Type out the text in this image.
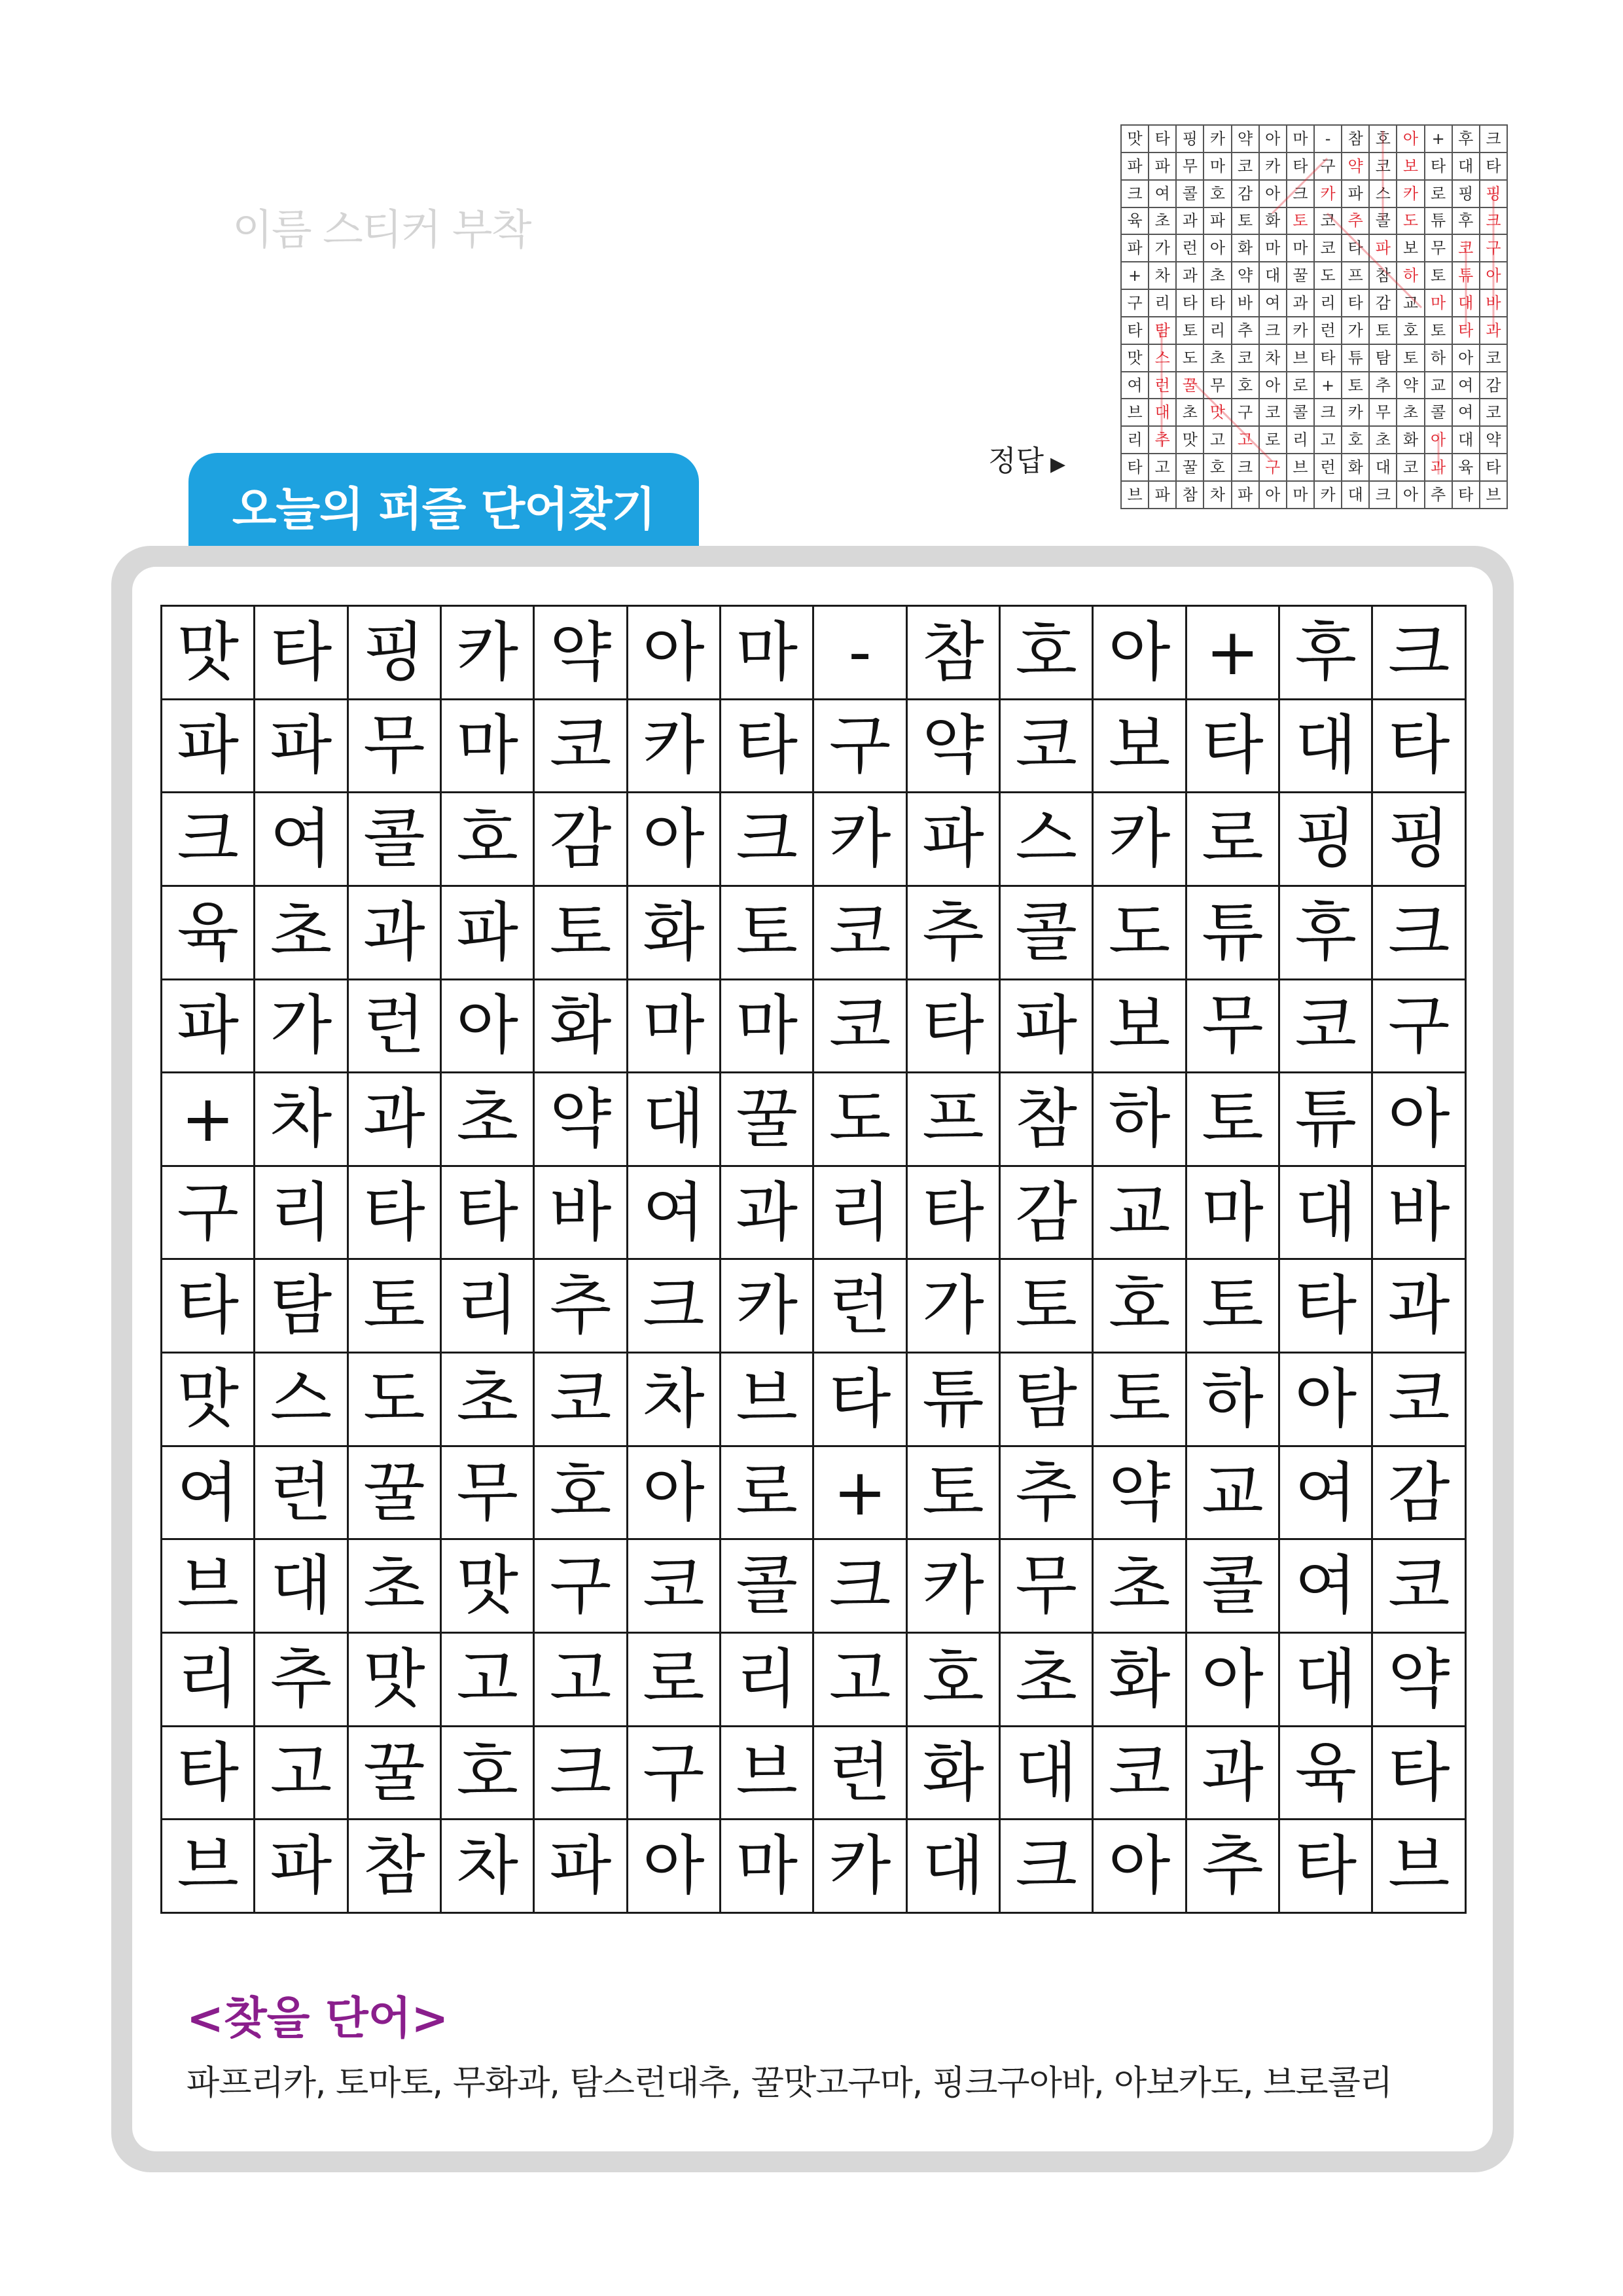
이름 스티커 부착
정답 ▶
맛	타	핑	카	약	아	마	-	참	호	아	+	후	크
파	파	무	마	코	카	타	구	약	코	보	타	대	타
크	여	콜	호	감	아	크	카	파	스	카	로	핑	핑
육	초	과	파	토	화	토	코	추	콜	도	튜	후	크
파	가	런	아	화	마	마	코	타	파	보	무	코	구
+	차	과	초	약	대	꿀	도	프	참	하	토	튜	아
구	리	타	타	바	여	과	리	타	감	교	마	대	바
타	탐	토	리	추	크	카	런	가	토	호	토	타	과
맛	스	도	초	코	차	브	타	튜	탐	토	하	아	코
여	런	꿀	무	호	아	로	+	토	추	약	교	여	감
브	대	초	맛	구	코	콜	크	카	무	초	콜	여	코
리	추	맛	고	고	로	리	고	호	초	화	아	대	약
타	고	꿀	호	크	구	브	런	화	대	코	과	육	타
브	파	참	차	파	아	마	카	대	크	아	추	타	브
오늘의 퍼즐 단어찾기
맛	타	핑	카	약	아	마	-	참	호	아	+	후	크
파	파	무	마	코	카	타	구	약	코	보	타	대	타
크	여	콜	호	감	아	크	카	파	스	카	로	핑	핑
육	초	과	파	토	화	토	코	추	콜	도	튜	후	크
파	가	런	아	화	마	마	코	타	파	보	무	코	구
+	차	과	초	약	대	꿀	도	프	참	하	토	튜	아
구	리	타	타	바	여	과	리	타	감	교	마	대	바
타	탐	토	리	추	크	카	런	가	토	호	토	타	과
맛	스	도	초	코	차	브	타	튜	탐	토	하	아	코
여	런	꿀	무	호	아	로	+	토	추	약	교	여	감
브	대	초	맛	구	코	콜	크	카	무	초	콜	여	코
리	추	맛	고	고	로	리	고	호	초	화	아	대	약
타	고	꿀	호	크	구	브	런	화	대	코	과	육	타
브	파	참	차	파	아	마	카	대	크	아	추	타	브
<찾을 단어>
파프리카, 토마토, 무화과, 탐스런대추, 꿀맛고구마, 핑크구아바, 아보카도, 브로콜리
